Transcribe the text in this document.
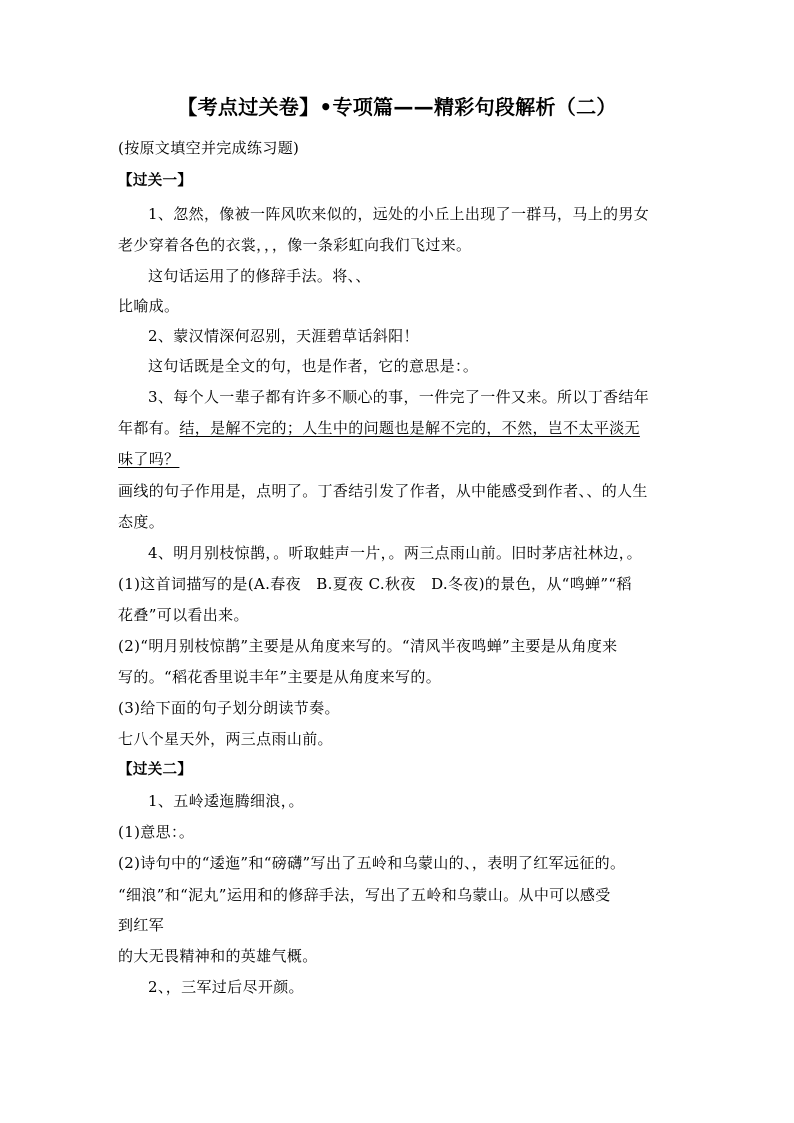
【考点过关卷】•专项篇——精彩句段解析（二）
(按原文填空并完成练习题)
【过关一】
1、忽然，像被一阵风吹来似的，远处的小丘上出现了一群马，马上的男女
老少穿着各色的衣裳，，，像一条彩虹向我们飞过来。
这句话运用了的修辞手法。将、、
比喻成。
2、蒙汉情深何忍别，天涯碧草话斜阳！
这句话既是全文的句，也是作者，它的意思是：。
3、每个人一辈子都有许多不顺心的事，一件完了一件又来。所以丁香结年
年都有。结，是解不完的；人生中的问题也是解不完的，不然，岂不太平淡无
味了吗？
画线的句子作用是，点明了。丁香结引发了作者，从中能感受到作者、、的人生
态度。
4、明月别枝惊鹊，。听取蛙声一片，。两三点雨山前。旧时茅店社林边，。
(1)这首词描写的是(A.春夜　B.夏夜 C.秋夜　D.冬夜)的景色，从“鸣蝉”“稻
花叠”可以看出来。
(2)“明月别枝惊鹊”主要是从角度来写的。“清风半夜鸣蝉”主要是从角度来
写的。“稻花香里说丰年”主要是从角度来写的。
(3)给下面的句子划分朗读节奏。
七八个星天外，两三点雨山前。
【过关二】
1、五岭逶迤腾细浪，。
(1)意思：。
(2)诗句中的“逶迤”和“磅礴”写出了五岭和乌蒙山的、，表明了红军远征的。
“细浪”和“泥丸”运用和的修辞手法，写出了五岭和乌蒙山。从中可以感受
到红军
的大无畏精神和的英雄气概。
2、，三军过后尽开颜。
